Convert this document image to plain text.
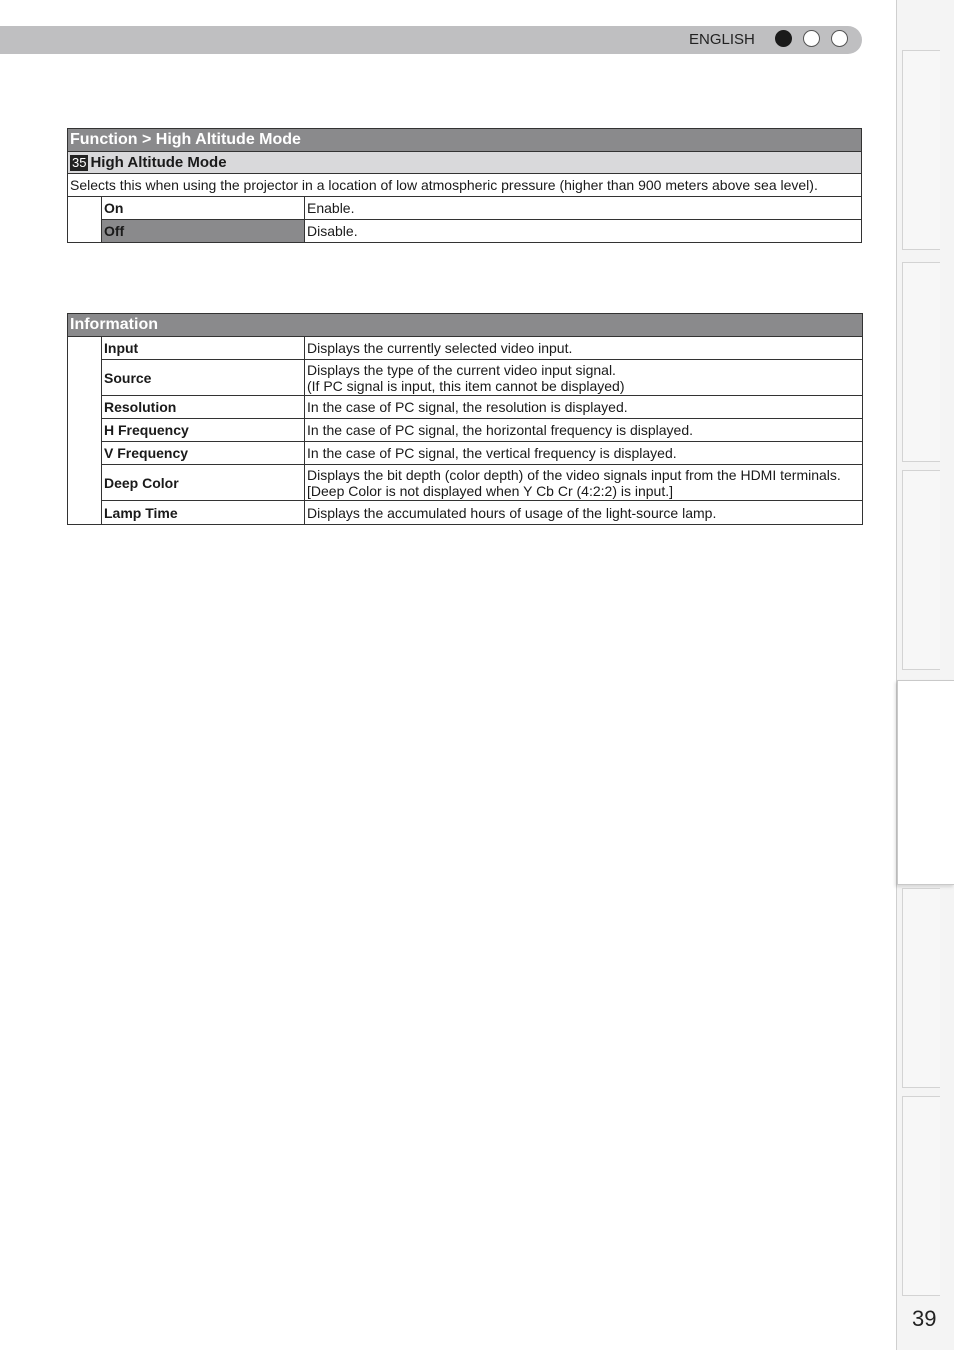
ENGLISH
39
Function > High Altitude Mode		
35 High Altitude Mode		
Selects this when using the projector in a location of low atmospheric pressure (higher than 900 meters above sea level).		
	On	Enable.
	Off	Disable.
Information		
	Input	Displays the currently selected video input.
	Source	Displays the type of the current video input signal.
(If PC signal is input, this item cannot be displayed)
	Resolution	In the case of PC signal, the resolution is displayed.
	H Frequency	In the case of PC signal, the horizontal frequency is displayed.
	V Frequency	In the case of PC signal, the vertical frequency is displayed.
	Deep Color	Displays the bit depth (color depth) of the video signals input from the HDMI terminals.
[Deep Color is not displayed when Y Cb Cr (4:2:2) is input.]
	Lamp Time	Displays the accumulated hours of usage of the light-source lamp.
